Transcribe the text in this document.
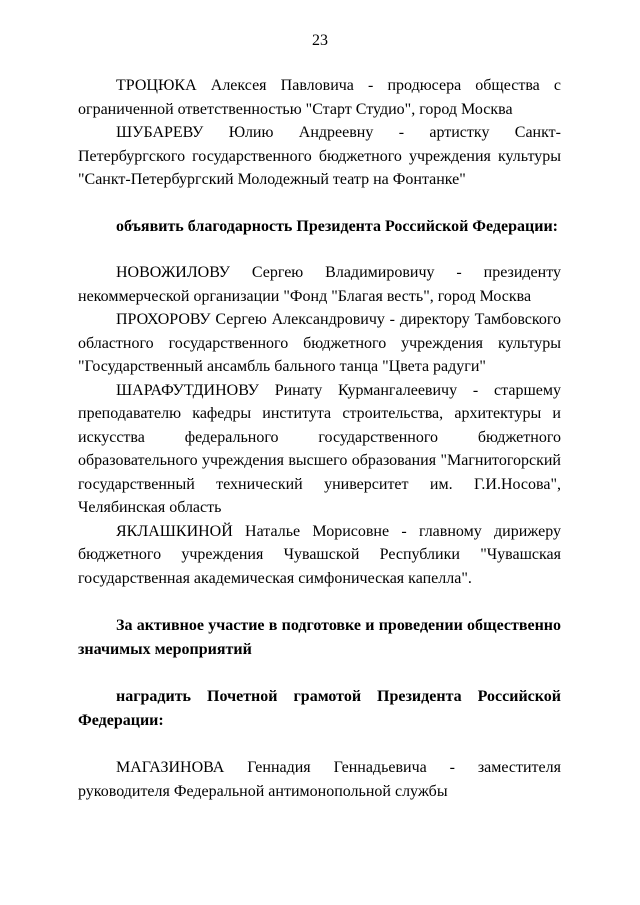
23

ТРОЦЮКА Алексея Павловича - продюсера общества с ограниченной ответственностью "Старт Студио", город Москва

ШУБАРЕВУ Юлию Андреевну - артистку Санкт-Петербургского государственного бюджетного учреждения культуры "Санкт-Петербургский Молодежный театр на Фонтанке"

объявить благодарность Президента Российской Федерации:

НОВОЖИЛОВУ Сергею Владимировичу - президенту некоммерческой организации "Фонд "Благая весть", город Москва

ПРОХОРОВУ Сергею Александровичу - директору Тамбовского областного государственного бюджетного учреждения культуры "Государственный ансамбль бального танца "Цвета радуги"

ШАРАФУТДИНОВУ Ринату Курмангалеевичу - старшему преподавателю кафедры института строительства, архитектуры и искусства федерального государственного бюджетного образовательного учреждения высшего образования "Магнитогорский государственный технический университет им. Г.И.Носова", Челябинская область

ЯКЛАШКИНОЙ Наталье Морисовне - главному дирижеру бюджетного учреждения Чувашской Республики "Чувашская государственная академическая симфоническая капелла".

За активное участие в подготовке и проведении общественно значимых мероприятий

наградить Почетной грамотой Президента Российской Федерации:

МАГАЗИНОВА Геннадия Геннадьевича - заместителя руководителя Федеральной антимонопольной службы
